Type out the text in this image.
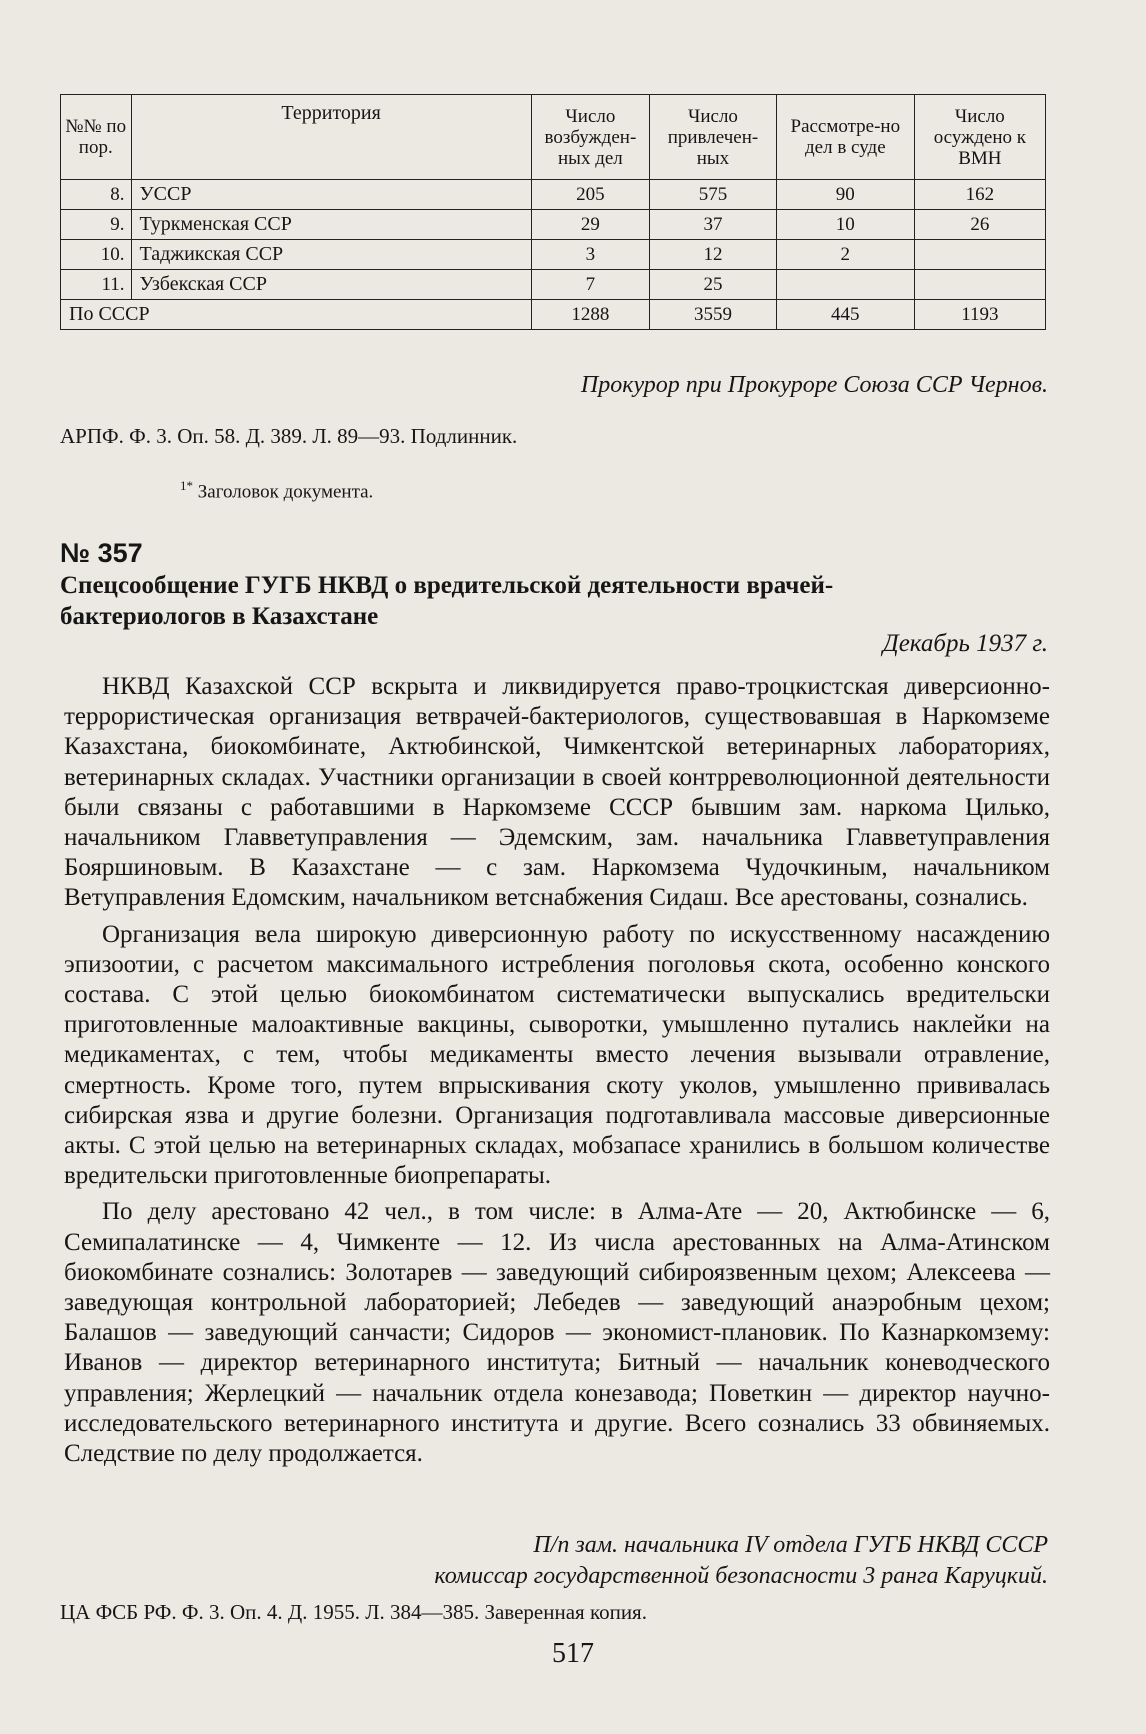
№№ по пор.	Территория	Число возбужден-ных дел	Число привлечен-ных	Рассмотре-но дел в суде	Число осуждено к ВМН
8.	УССР	205	575	90	162
9.	Туркменская ССР	29	37	10	26
10.	Таджикская ССР	3	12	2	
11.	Узбекская ССР	7	25		
По СССР		1288	3559	445	1193
Прокурор при Прокуроре Союза ССР Чернов.
АРПФ. Ф. 3. Оп. 58. Д. 389. Л. 89—93. Подлинник.
$^{1*}$ Заголовок документа.
№ 357
Спецсообщение ГУГБ НКВД о вредительской деятельности врачей-бактериологов в Казахстане
Декабрь 1937 г.

НКВД Казахской ССР вскрыта и ликвидируется право-троцкистская диверсионно-террористическая организация ветврачей-бактериологов, существовавшая в Наркомземе Казахстана, биокомбинате, Актюбинской, Чимкентской ветеринарных лабораториях, ветеринарных складах. Участники организации в своей контрреволюционной деятельности были связаны с работавшими в Наркомземе СССР бывшим зам. наркома Цилько, начальником Главветуправления — Эдемским, зам. начальника Главветуправления Бояршиновым. В Казахстане — с зам. Наркомзема Чудочкиным, начальником Ветуправления Едомским, начальником ветснабжения Сидаш. Все арестованы, сознались.

Организация вела широкую диверсионную работу по искусственному насаждению эпизоотии, с расчетом максимального истребления поголовья скота, особенно конского состава. С этой целью биокомбинатом систематически выпускались вредительски приготовленные малоактивные вакцины, сыворотки, умышленно путались наклейки на медикаментах, с тем, чтобы медикаменты вместо лечения вызывали отравление, смертность. Кроме того, путем впрыскивания скоту уколов, умышленно прививалась сибирская язва и другие болезни. Организация подготавливала массовые диверсионные акты. С этой целью на ветеринарных складах, мобзапасе хранились в большом количестве вредительски приготовленные биопрепараты.

По делу арестовано 42 чел., в том числе: в Алма-Ате — 20, Актюбинске — 6, Семипалатинске — 4, Чимкенте — 12. Из числа арестованных на Алма-Атинском биокомбинате сознались: Золотарев — заведующий сибироязвенным цехом; Алексеева — заведующая контрольной лабораторией; Лебедев — заведующий анаэробным цехом; Балашов — заведующий санчасти; Сидоров — экономист-плановик. По Казнаркомзему: Иванов — директор ветеринарного института; Битный — начальник коневодческого управления; Жерлецкий — начальник отдела конезавода; Поветкин — директор научно-исследовательского ветеринарного института и другие. Всего сознались 33 обвиняемых. Следствие по делу продолжается.

П/п зам. начальника IV отдела ГУГБ НКВД СССР
комиссар государственной безопасности 3 ранга Каруцкий.
ЦА ФСБ РФ. Ф. 3. Оп. 4. Д. 1955. Л. 384—385. Заверенная копия.
517
